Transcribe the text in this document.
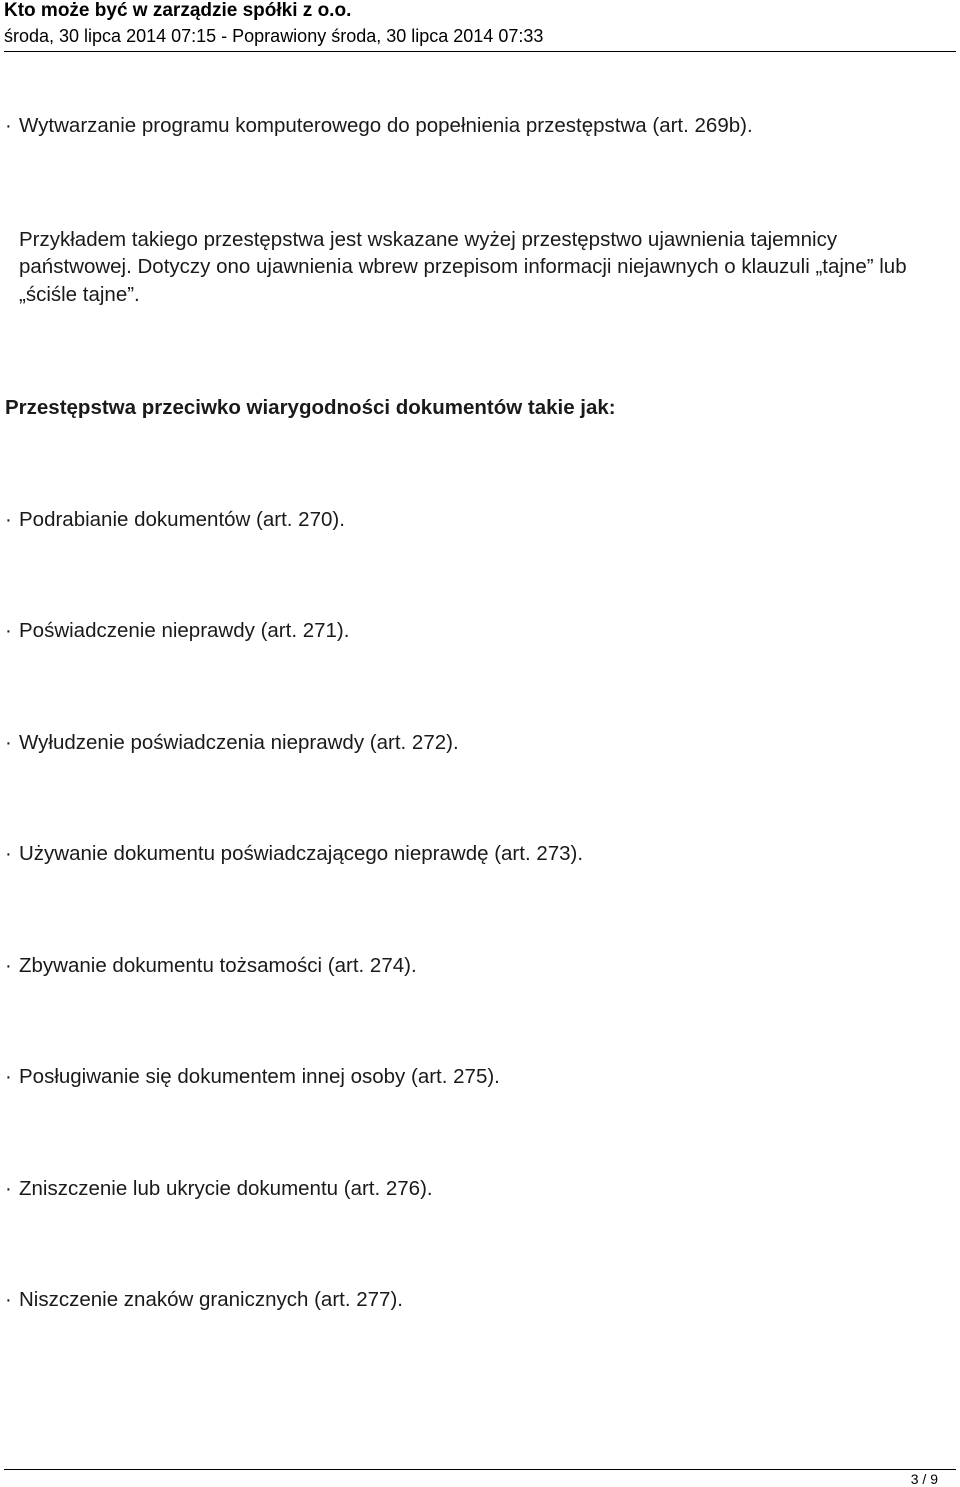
Kto może być w zarządzie spółki z o.o.
środa, 30 lipca 2014 07:15 - Poprawiony środa, 30 lipca 2014 07:33
· Wytwarzanie programu komputerowego do popełnienia przestępstwa (art. 269b).
Przykładem takiego przestępstwa jest wskazane wyżej przestępstwo ujawnienia tajemnicy państwowej. Dotyczy ono ujawnienia wbrew przepisom informacji niejawnych o klauzuli „tajne” lub „ściśle tajne”.
Przestępstwa przeciwko wiarygodności dokumentów takie jak:
· Podrabianie dokumentów (art. 270).
· Poświadczenie nieprawdy (art. 271).
· Wyłudzenie poświadczenia nieprawdy (art. 272).
· Używanie dokumentu poświadczającego nieprawdę (art. 273).
· Zbywanie dokumentu tożsamości (art. 274).
· Posługiwanie się dokumentem innej osoby (art. 275).
· Zniszczenie lub ukrycie dokumentu (art. 276).
· Niszczenie znaków granicznych (art. 277).
3 / 9
